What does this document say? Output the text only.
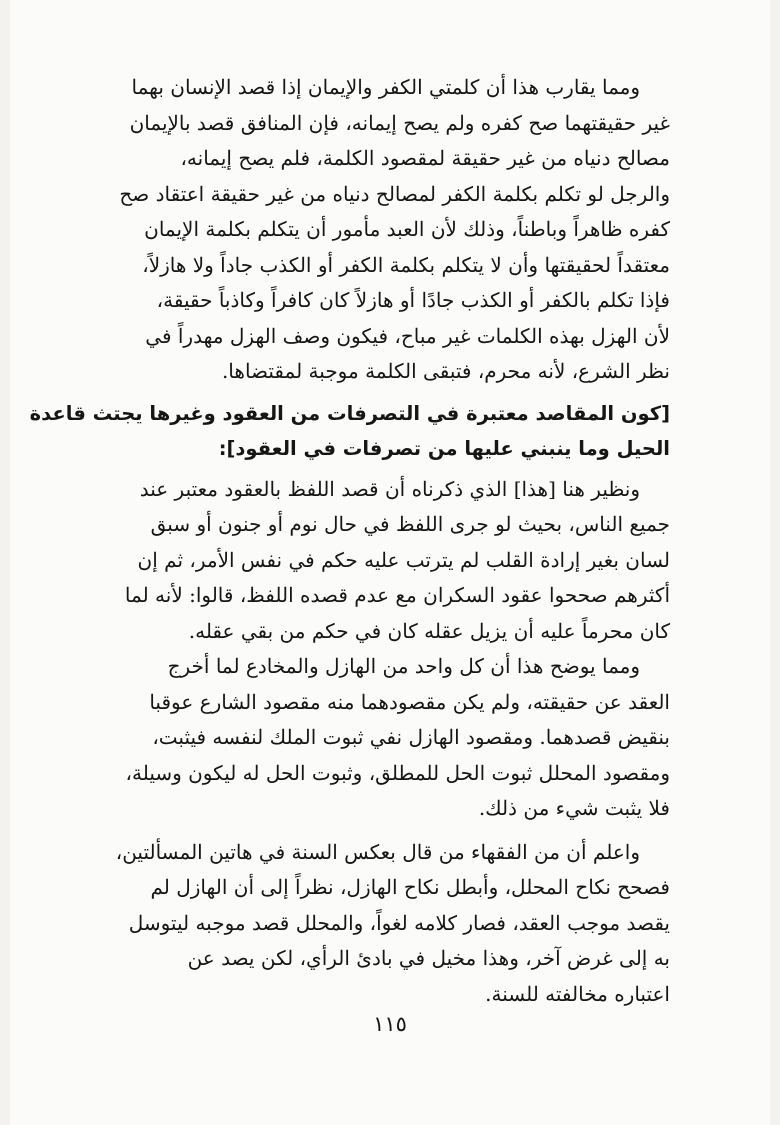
ومما يقارب هذا أن كلمتي الكفر والإيمان إذا قصد الإنسان بهما
غير حقيقتهما صح كفره ولم يصح إيمانه، فإن المنافق قصد بالإيمان
مصالح دنياه من غير حقيقة لمقصود الكلمة، فلم يصح إيمانه،
والرجل لو تكلم بكلمة الكفر لمصالح دنياه من غير حقيقة اعتقاد صح
كفره ظاهراً وباطناً، وذلك لأن العبد مأمور أن يتكلم بكلمة الإيمان
معتقداً لحقيقتها وأن لا يتكلم بكلمة الكفر أو الكذب جاداً ولا هازلاً،
فإذا تكلم بالكفر أو الكذب جادًا أو هازلاً كان كافراً وكاذباً حقيقة،
لأن الهزل بهذه الكلمات غير مباح، فيكون وصف الهزل مهدراً في
نظر الشرع، لأنه محرم، فتبقى الكلمة موجبة لمقتضاها.
[كون المقاصد معتبرة في التصرفات من العقود وغيرها يجتث قاعدة
الحيل وما ينبني عليها من تصرفات في العقود]:
ونظير هنا [هذا] الذي ذكرناه أن قصد اللفظ بالعقود معتبر عند
جميع الناس، بحيث لو جرى اللفظ في حال نوم أو جنون أو سبق
لسان بغير إرادة القلب لم يترتب عليه حكم في نفس الأمر، ثم إن
أكثرهم صححوا عقود السكران مع عدم قصده اللفظ، قالوا: لأنه لما
كان محرماً عليه أن يزيل عقله كان في حكم من بقي عقله.
ومما يوضح هذا أن كل واحد من الهازل والمخادع لما أخرج
العقد عن حقيقته، ولم يكن مقصودهما منه مقصود الشارع عوقبا
بنقيض قصدهما. ومقصود الهازل نفي ثبوت الملك لنفسه فيثبت،
ومقصود المحلل ثبوت الحل للمطلق، وثبوت الحل له ليكون وسيلة،
فلا يثبت شيء من ذلك.
واعلم أن من الفقهاء من قال بعكس السنة في هاتين المسألتين،
فصحح نكاح المحلل، وأبطل نكاح الهازل، نظراً إلى أن الهازل لم
يقصد موجب العقد، فصار كلامه لغواً، والمحلل قصد موجبه ليتوسل
به إلى غرض آخر، وهذا مخيل في بادئ الرأي، لكن يصد عن
اعتباره مخالفته للسنة.
١١٥
